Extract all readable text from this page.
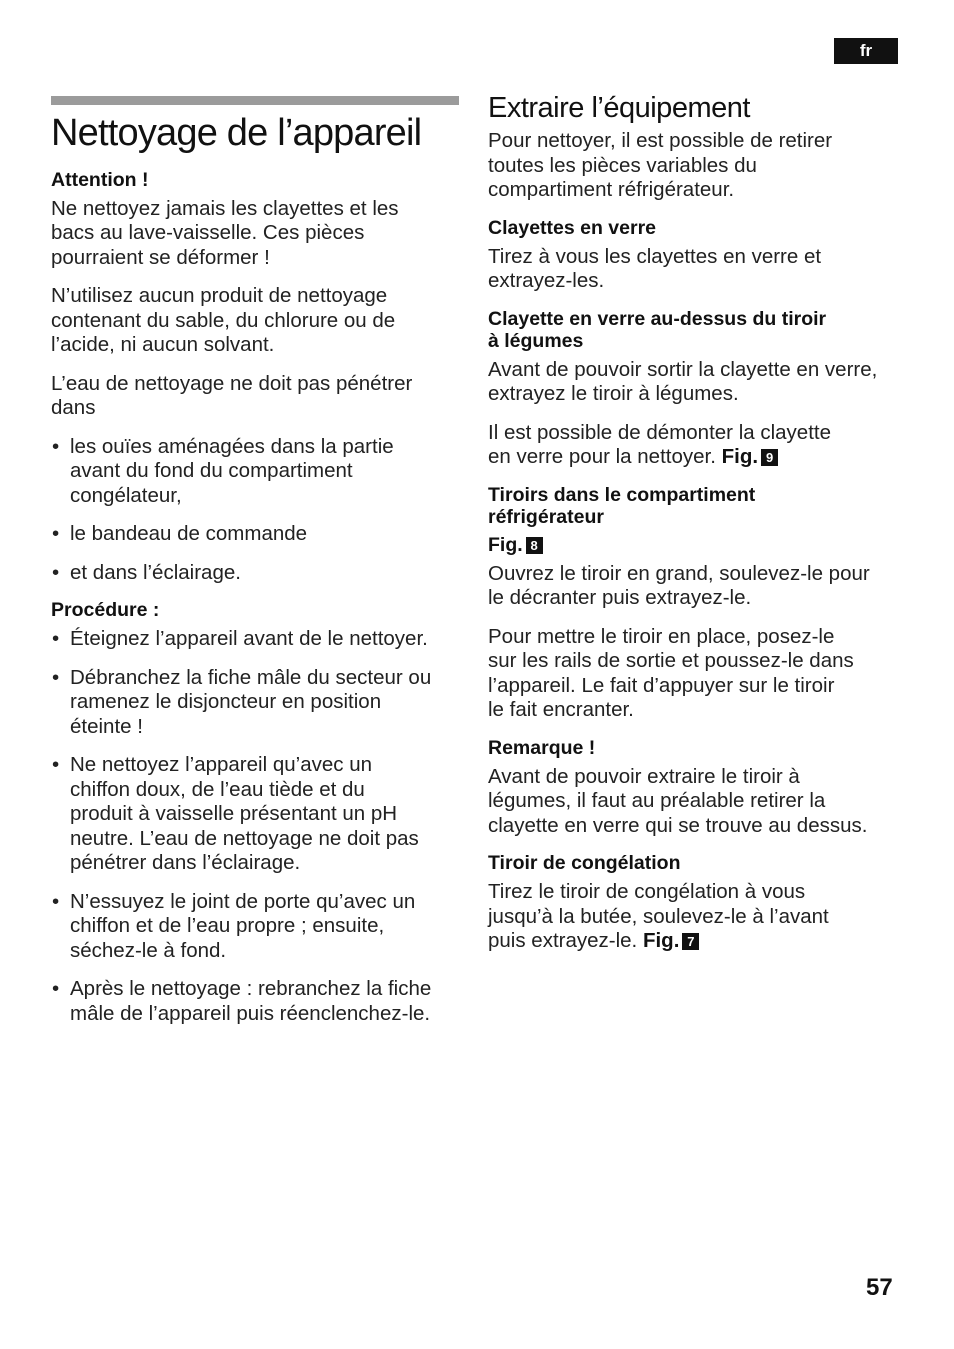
fr
Nettoyage de l’appareil
Attention !

Ne nettoyez jamais les clayettes et les
bacs au lave-vaisselle. Ces pièces
pourraient se déformer !

N’utilisez aucun produit de nettoyage
contenant du sable, du chlorure ou de
l’acide, ni aucun solvant.

L’eau de nettoyage ne doit pas pénétrer
dans

• les ouïes aménagées dans la partie
avant du fond du compartiment
congélateur,
• le bandeau de commande
• et dans l’éclairage.
Procédure :
• Éteignez l’appareil avant de le nettoyer.
• Débranchez la fiche mâle du secteur ou
ramenez le disjoncteur en position
éteinte !
• Ne nettoyez l’appareil qu’avec un
chiffon doux, de l’eau tiède et du
produit à vaisselle présentant un pH
neutre. L’eau de nettoyage ne doit pas
pénétrer dans l’éclairage.
• N’essuyez le joint de porte qu’avec un
chiffon et de l’eau propre ; ensuite,
séchez-le à fond.
• Après le nettoyage : rebranchez la fiche
mâle de l’appareil puis réenclenchez-le.
Extraire l’équipement

Pour nettoyer, il est possible de retirer
toutes les pièces variables du
compartiment réfrigérateur.

Clayettes en verre

Tirez à vous les clayettes en verre et
extrayez-les.

Clayette en verre au-dessus du tiroir
à légumes

Avant de pouvoir sortir la clayette en verre,
extrayez le tiroir à légumes.

Il est possible de démonter la clayette
en verre pour la nettoyer. Fig. 9

Tiroirs dans le compartiment
réfrigérateur
Fig. 8

Ouvrez le tiroir en grand, soulevez-le pour
le décranter puis extrayez-le.

Pour mettre le tiroir en place, posez-le
sur les rails de sortie et poussez-le dans
l’appareil. Le fait d’appuyer sur le tiroir
le fait encranter.

Remarque !

Avant de pouvoir extraire le tiroir à
légumes, il faut au préalable retirer la
clayette en verre qui se trouve au dessus.

Tiroir de congélation

Tirez le tiroir de congélation à vous
jusqu’à la butée, soulevez-le à l’avant
puis extrayez-le. Fig. 7

57
